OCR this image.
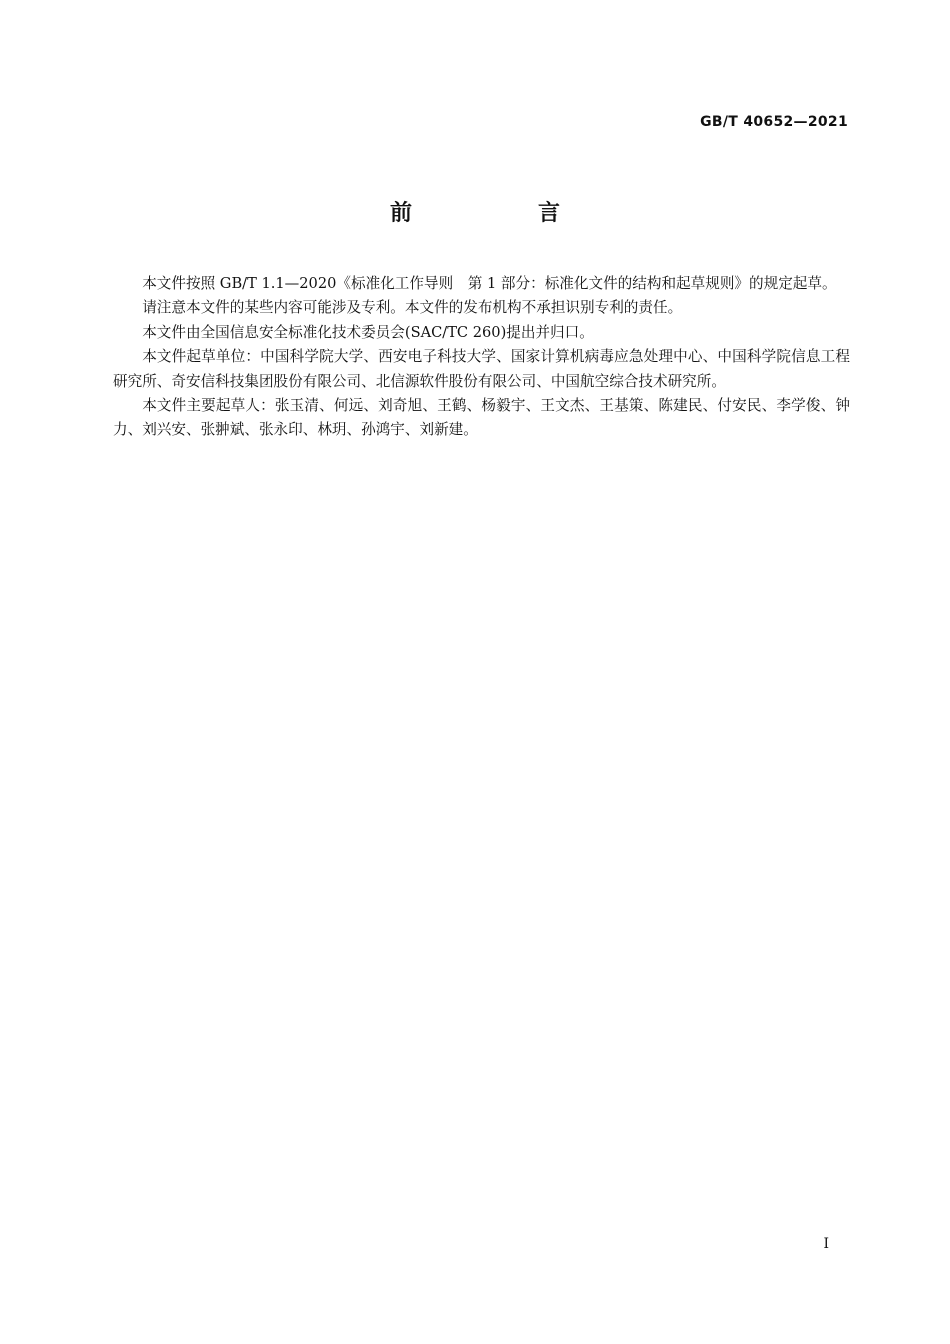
GB/T 40652—2021
前　言

本文件按照 GB/T 1.1—2020《标准化工作导则　第 1 部分：标准化文件的结构和起草规则》的规定起草。

请注意本文件的某些内容可能涉及专利。本文件的发布机构不承担识别专利的责任。

本文件由全国信息安全标准化技术委员会(SAC/TC 260)提出并归口。

本文件起草单位：中国科学院大学、西安电子科技大学、国家计算机病毒应急处理中心、中国科学院信息工程研究所、奇安信科技集团股份有限公司、北信源软件股份有限公司、中国航空综合技术研究所。

本文件主要起草人：张玉清、何远、刘奇旭、王鹤、杨毅宇、王文杰、王基策、陈建民、付安民、李学俊、钟力、刘兴安、张翀斌、张永印、林玥、孙鸿宇、刘新建。

I
